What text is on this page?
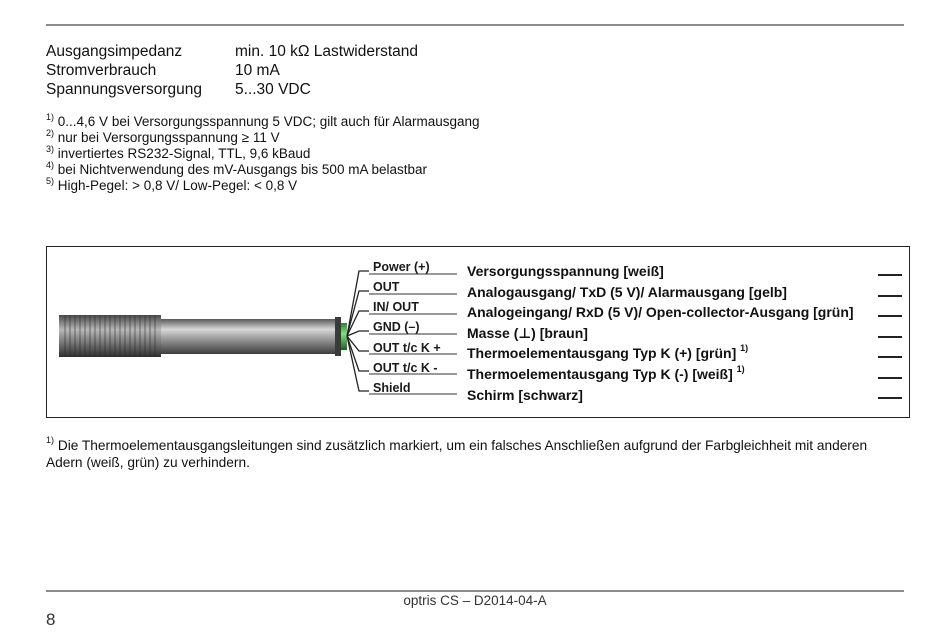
Ausgangsimpedanz	min. 10 kΩ Lastwiderstand
Stromverbrauch	10 mA
Spannungsversorgung 5...30 VDC
$^{1)}$ 0...4,6 V bei Versorgungsspannung 5 VDC; gilt auch für Alarmausgang
$^{2)}$ nur bei Versorgungsspannung ≥ 11 V
$^{3)}$ invertiertes RS232-Signal, TTL, 9,6 kBaud
$^{4)}$ bei Nichtverwendung des mV-Ausgangs bis 500 mA belastbar
$^{5)}$ High-Pegel: > 0,8 V/ Low-Pegel: < 0,8 V
Power (+)
OUT
IN/ OUT
GND (–)
OUT t/c K +
OUT t/c K -
Shield
Versorgungsspannung [weiß]
Analogausgang/ TxD (5 V)/ Alarmausgang [gelb]
Analogeingang/ RxD (5 V)/ Open-collector-Ausgang [grün]
Masse (⊥) [braun]
Thermoelementausgang Typ K (+) [grün] $^{1)}$
Thermoelementausgang Typ K (-) [weiß] $^{1)}$
Schirm [schwarz]
$^{1)}$ Die Thermoelementausgangsleitungen sind zusätzlich markiert, um ein falsches Anschließen aufgrund der Farbgleichheit mit anderen Adern (weiß, grün) zu verhindern.
optris CS – D2014-04-A
8
